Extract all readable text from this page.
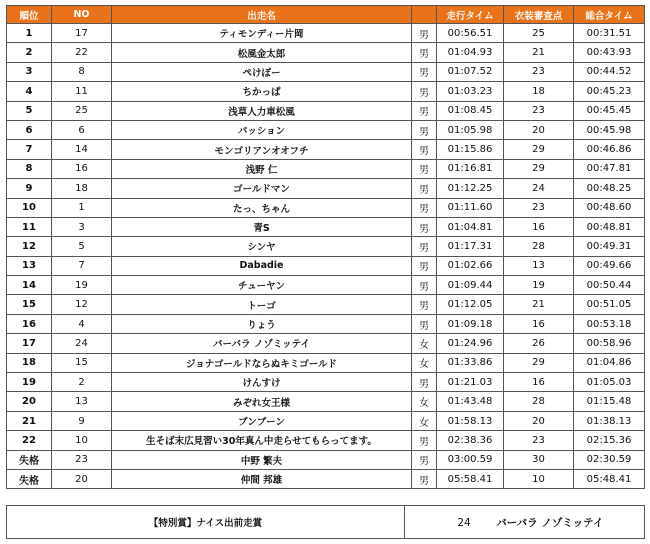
順位	NO	出走名		走行タイム	衣装審査点	総合タイム
1	17	ティモンディー片岡	男	00:56.51	25	00:31.51
2	22	松風金太郎	男	01:04.93	21	00:43.93
3	8	ぺけぽー	男	01:07.52	23	00:44.52
4	11	ちかっぱ	男	01:03.23	18	00:45.23
5	25	浅草人力車松風	男	01:08.45	23	00:45.45
6	6	パッション	男	01:05.98	20	00:45.98
7	14	モンゴリアンオオフチ	男	01:15.86	29	00:46.86
8	16	浅野 仁	男	01:16.81	29	00:47.81
9	18	ゴールドマン	男	01:12.25	24	00:48.25
10	1	たっ、ちゃん	男	01:11.60	23	00:48.60
11	3	青S	男	01:04.81	16	00:48.81
12	5	シンヤ	男	01:17.31	28	00:49.31
13	7	Dabadie	男	01:02.66	13	00:49.66
14	19	チューヤン	男	01:09.44	19	00:50.44
15	12	トーゴ	男	01:12.05	21	00:51.05
16	4	りょう	男	01:09.18	16	00:53.18
17	24	バーバラ ノゾミッテイ	女	01:24.96	26	00:58.96
18	15	ジョナゴールドならぬキミゴールド	女	01:33.86	29	01:04.86
19	2	けんすけ	男	01:21.03	16	01:05.03
20	13	みぞれ女王様	女	01:43.48	28	01:15.48
21	9	ブンブーン	女	01:58.13	20	01:38.13
22	10	生そば末広見習い30年真ん中走らせてもらってます。	男	02:38.36	23	02:15.36
失格	23	中野 繁夫	男	03:00.59	30	02:30.59
失格	20	仲間 邦雄	男	05:58.41	10	05:48.41
【特別賞】ナイス出前走賞	24 バーバラ ノゾミッテイ
